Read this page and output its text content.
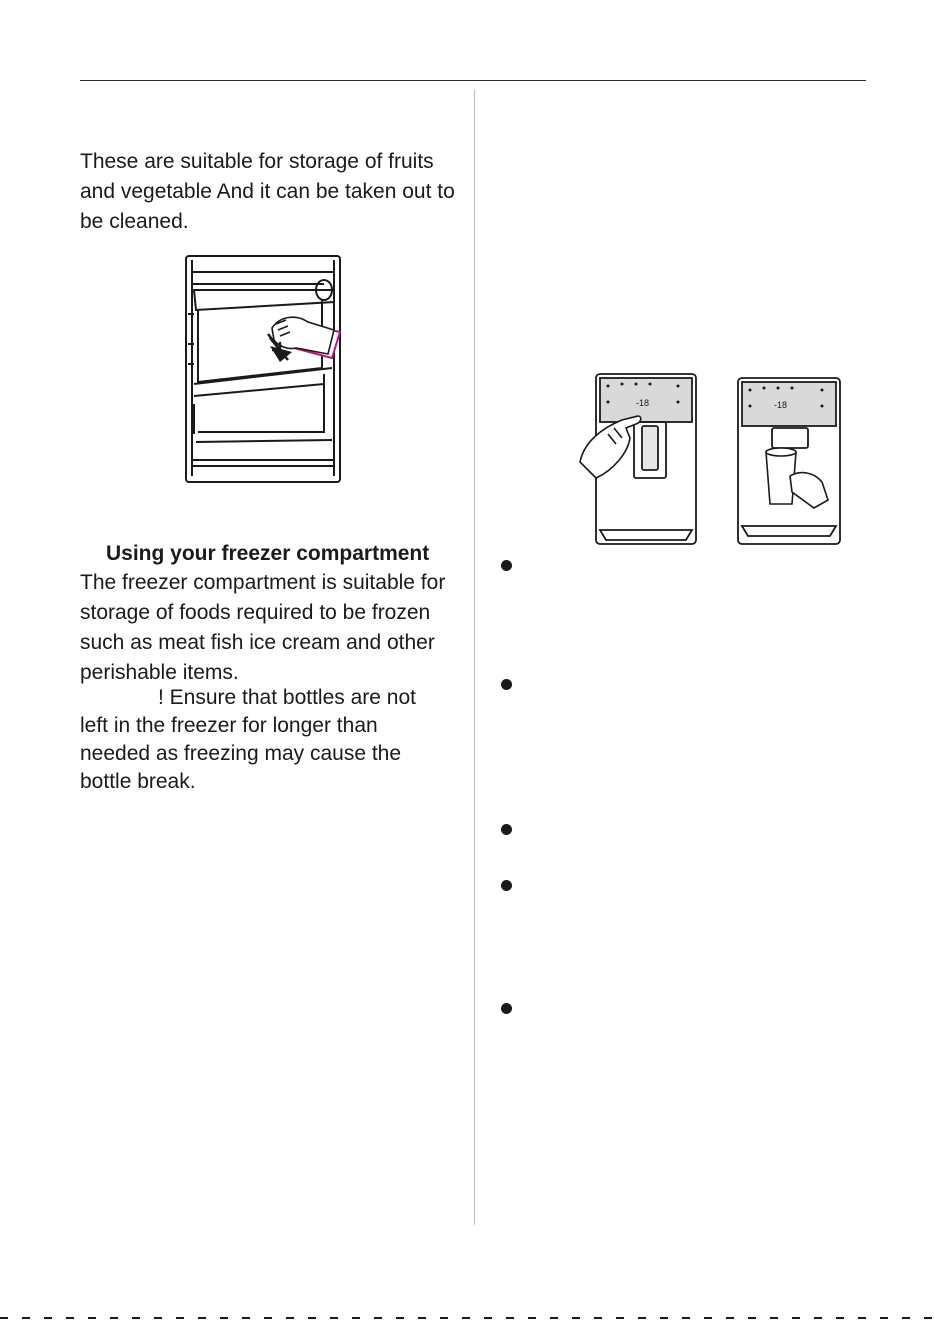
These are suitable for storage of fruits and vegetable And it can be taken out to be cleaned.

Using your freezer compartment

The freezer compartment is suitable for storage of foods required to be frozen such as meat fish ice cream and other perishable items.

! Ensure that bottles are not

left in the freezer for longer than

needed as freezing may cause the

bottle break.

-18	-18
